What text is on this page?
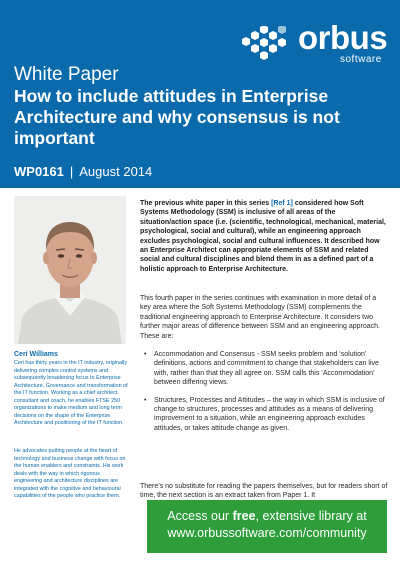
orbus
software
White Paper
How to include attitudes in Enterprise Architecture and why consensus is not important
WP0161 | August 2014
Ceri Williams
Ceri has thirty years in the IT industry, originally delivering complex control systems and subsequently broadening focus to Enterprise Architecture, Governance and transformation of the IT function. Working as a chief architect, consultant and coach, he enables FTSE 250 organizations to make medium and long term decisions on the shape of the Enterprise Architecture and positioning of the IT function.
He advocates putting people at the heart of technology and business change with focus on the human enablers and constraints. His work deals with the way in which rigorous engineering and architecture disciplines are integrated with the cognitive and behavioural capabilities of the people who practice them.
The previous white paper in this series [Ref 1] considered how Soft Systems Methodology (SSM) is inclusive of all areas of the situation/action space (i.e. (scientific, technological, mechanical, material, psychological, social and cultural), while an engineering approach excludes psychological, social and cultural influences. It described how an Enterprise Architect can appropriate elements of SSM and related social and cultural disciplines and blend them in as a defined part of a holistic approach to Enterprise Architecture.
This fourth paper in the series continues with examination in more detail of a key area where the Soft Systems Methodology (SSM) complements the traditional engineering approach to Enterprise Architecture. It considers two further major areas of difference between SSM and an engineering approach. These are:
• Accommodation and Consensus - SSM seeks problem and ‘solution’ definitions, actions and commitment to change that stakeholders can live with, rather than that they all agree on. SSM calls this ‘Accommodation’ between differing views.
• Structures, Processes and Attitudes – the way in which SSM is inclusive of change to structures, processes and attitudes as a means of delivering improvement to a situation, while an engineering approach excludes attitudes, or takes attitude change as given.
There’s no substitute for reading the papers themselves, but for readers short of time, the next section is an extract taken from Paper 1. It
Access our free, extensive library at
www.orbussoftware.com/community
